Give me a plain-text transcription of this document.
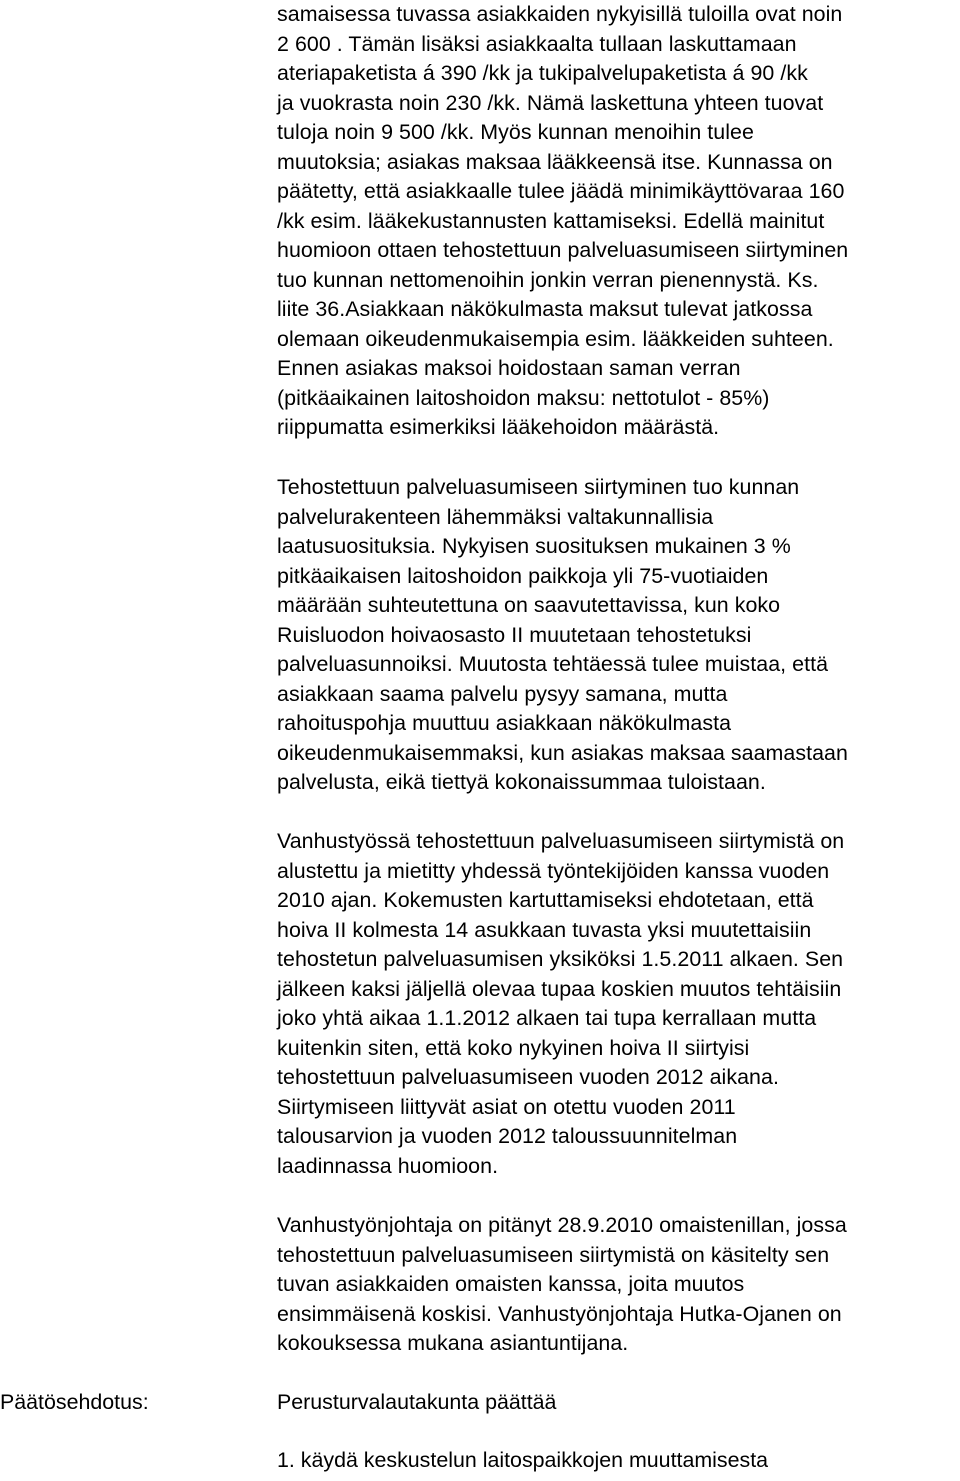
samaisessa tuvassa asiakkaiden nykyisillä tuloilla ovat noin
2 600 . Tämän lisäksi asiakkaalta tullaan laskuttamaan
ateriapaketista á 390 /kk ja tukipalvelupaketista á 90 /kk
ja vuokrasta noin 230 /kk. Nämä laskettuna yhteen tuovat
tuloja noin 9 500 /kk. Myös kunnan menoihin tulee
muutoksia; asiakas maksaa lääkkeensä itse. Kunnassa on
päätetty, että asiakkaalle tulee jäädä minimikäyttövaraa 160
/kk esim. lääkekustannusten kattamiseksi. Edellä mainitut
huomioon ottaen tehostettuun palveluasumiseen siirtyminen
tuo kunnan nettomenoihin jonkin verran pienennystä. Ks.
liite 36.Asiakkaan näkökulmasta maksut tulevat jatkossa
olemaan oikeudenmukaisempia esim. lääkkeiden suhteen.
Ennen asiakas maksoi hoidostaan saman verran
(pitkäaikainen laitoshoidon maksu: nettotulot - 85%)
riippumatta esimerkiksi lääkehoidon määrästä.

Tehostettuun palveluasumiseen siirtyminen tuo kunnan
palvelurakenteen lähemmäksi valtakunnallisia
laatusuosituksia. Nykyisen suosituksen mukainen 3 %
pitkäaikaisen laitoshoidon paikkoja yli 75-vuotiaiden
määrään suhteutettuna on saavutettavissa, kun koko
Ruisluodon hoivaosasto II muutetaan tehostetuksi
palveluasunnoiksi. Muutosta tehtäessä tulee muistaa, että
asiakkaan saama palvelu pysyy samana, mutta
rahoituspohja muuttuu asiakkaan näkökulmasta
oikeudenmukaisemmaksi, kun asiakas maksaa saamastaan
palvelusta, eikä tiettyä kokonaissummaa tuloistaan.

Vanhustyössä tehostettuun palveluasumiseen siirtymistä on
alustettu ja mietitty yhdessä työntekijöiden kanssa vuoden
2010 ajan. Kokemusten kartuttamiseksi ehdotetaan, että
hoiva II kolmesta 14 asukkaan tuvasta yksi muutettaisiin
tehostetun palveluasumisen yksiköksi 1.5.2011 alkaen. Sen
jälkeen kaksi jäljellä olevaa tupaa koskien muutos tehtäisiin
joko yhtä aikaa 1.1.2012 alkaen tai tupa kerrallaan mutta
kuitenkin siten, että koko nykyinen hoiva II siirtyisi
tehostettuun palveluasumiseen vuoden 2012 aikana.
Siirtymiseen liittyvät asiat on otettu vuoden 2011
talousarvion ja vuoden 2012 taloussuunnitelman
laadinnassa huomioon.

Vanhustyönjohtaja on pitänyt 28.9.2010 omaistenillan, jossa
tehostettuun palveluasumiseen siirtymistä on käsitelty sen
tuvan asiakkaiden omaisten kanssa, joita muutos
ensimmäisenä koskisi. Vanhustyönjohtaja Hutka-Ojanen on
kokouksessa mukana asiantuntijana.

Päätösehdotus:	Perusturvalautakunta päättää
1. käydä keskustelun laitospaikkojen muuttamisesta
